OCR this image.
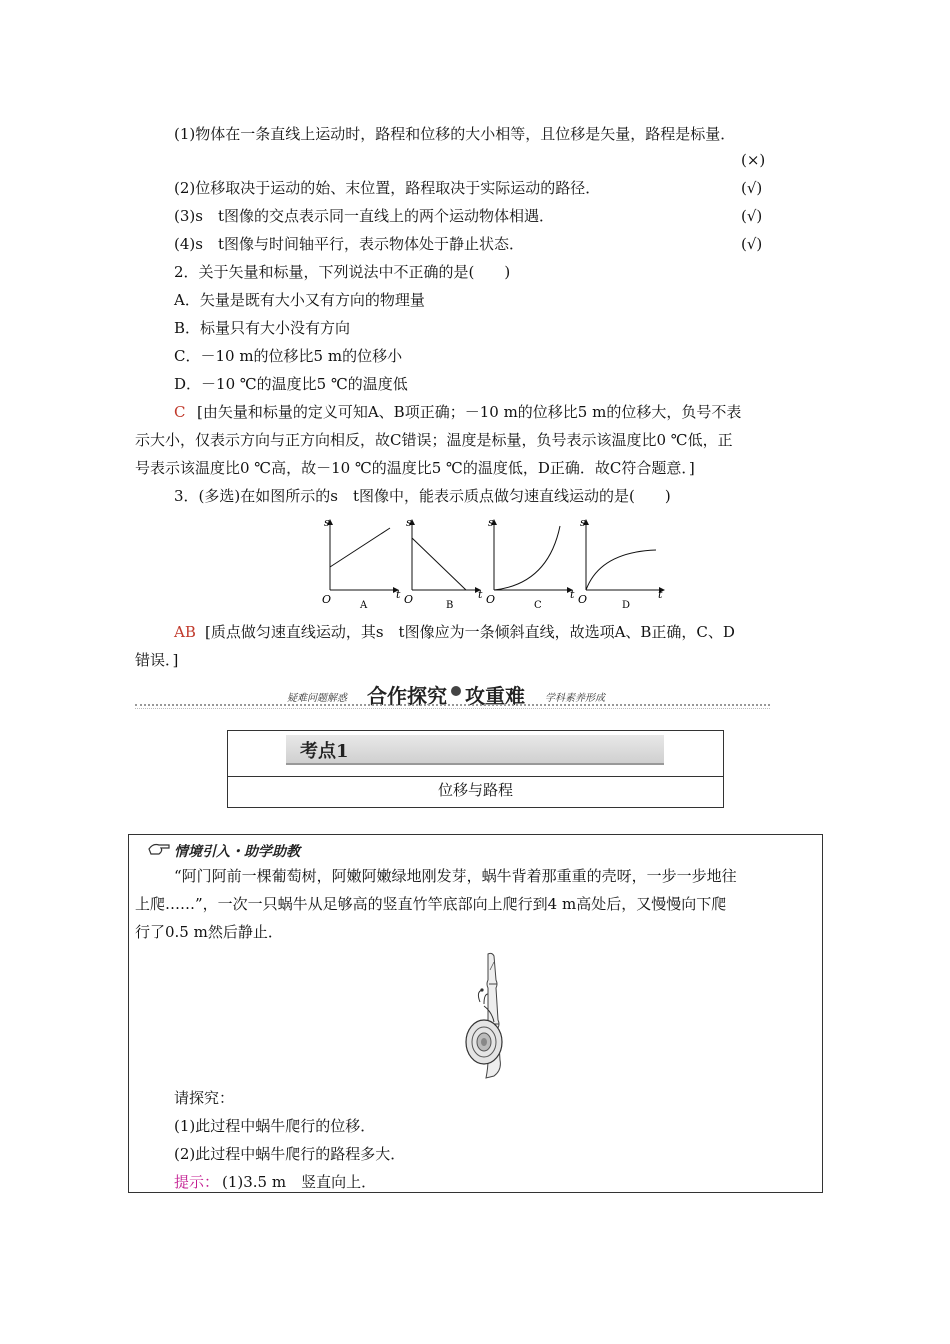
(1)物体在一条直线上运动时，路程和位移的大小相等，且位移是矢量，路程是标量．
(×)
(2)位移取决于运动的始、末位置，路程取决于实际运动的路径．	(√)
(3)s　t图像的交点表示同一直线上的两个运动物体相遇．	(√)
(4)s　t图像与时间轴平行，表示物体处于静止状态．	(√)
2．关于矢量和标量，下列说法中不正确的是(　　)
A．矢量是既有大小又有方向的物理量
B．标量只有大小没有方向
C．－10 m的位移比5 m的位移小
D．－10 ℃的温度比5 ℃的温度低
C [由矢量和标量的定义可知A、B项正确；－10 m的位移比5 m的位移大，负号不表
示大小，仅表示方向与正方向相反，故C错误；温度是标量，负号表示该温度比0 ℃低，正
号表示该温度比0 ℃高，故－10 ℃的温度比5 ℃的温度低，D正确．故C符合题意．]
3．(多选)在如图所示的s　t图像中，能表示质点做匀速直线运动的是(　　)
s
t
O	A
s
t
O	B
s
t
O	C
s
t
O	D
AB [质点做匀速直线运动，其s　t图像应为一条倾斜直线，故选项A、B正确，C、D
错误．]
疑难问题解惑 合作探究 攻重难 学科素养形成
考点1
位移与路程
情境引入・助学助教
“阿门阿前一棵葡萄树，阿嫩阿嫩绿地刚发芽，蜗牛背着那重重的壳呀，一步一步地往
上爬……”，一次一只蜗牛从足够高的竖直竹竿底部向上爬行到4 m高处后，又慢慢向下爬
行了0.5 m然后静止．
请探究：
(1)此过程中蜗牛爬行的位移．
(2)此过程中蜗牛爬行的路程多大．
提示： (1)3.5 m　竖直向上．
